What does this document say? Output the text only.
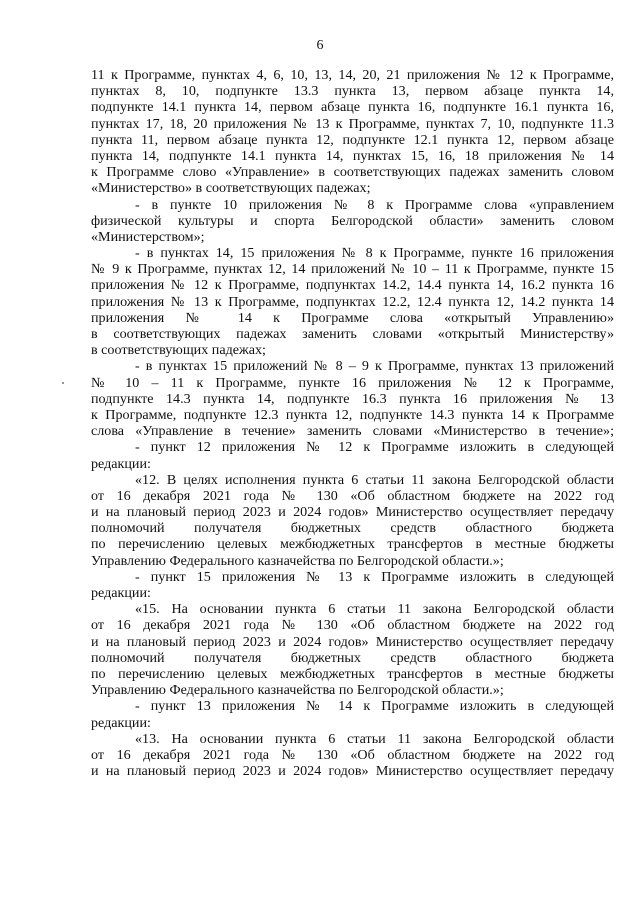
6
11 к Программе, пунктах 4, 6, 10, 13, 14, 20, 21 приложения № 12 к Программе,
пунктах 8, 10, подпункте 13.3 пункта 13, первом абзаце пункта 14,
подпункте 14.1 пункта 14, первом абзаце пункта 16, подпункте 16.1 пункта 16,
пунктах 17, 18, 20 приложения № 13 к Программе, пунктах 7, 10, подпункте 11.3
пункта 11, первом абзаце пункта 12, подпункте 12.1 пункта 12, первом абзаце
пункта 14, подпункте 14.1 пункта 14, пунктах 15, 16, 18 приложения № 14
к Программе слово «Управление» в соответствующих падежах заменить словом
«Министерство» в соответствующих падежах;
- в пункте 10 приложения № 8 к Программе слова «управлением
физической культуры и спорта Белгородской области» заменить словом
«Министерством»;
- в пунктах 14, 15 приложения № 8 к Программе, пункте 16 приложения
№ 9 к Программе, пунктах 12, 14 приложений № 10 – 11 к Программе, пункте 15
приложения № 12 к Программе, подпунктах 14.2, 14.4 пункта 14, 16.2 пункта 16
приложения № 13 к Программе, подпунктах 12.2, 12.4 пункта 12, 14.2 пункта 14
приложения № 14 к Программе слова «открытый Управлению»
в соответствующих падежах заменить словами «открытый Министерству»
в соответствующих падежах;
- в пунктах 15 приложений № 8 – 9 к Программе, пунктах 13 приложений
№ 10 – 11 к Программе, пункте 16 приложения № 12 к Программе,
подпункте 14.3 пункта 14, подпункте 16.3 пункта 16 приложения № 13
к Программе, подпункте 12.3 пункта 12, подпункте 14.3 пункта 14 к Программе
слова «Управление в течение» заменить словами «Министерство в течение»;
- пункт 12 приложения № 12 к Программе изложить в следующей
редакции:
«12. В целях исполнения пункта 6 статьи 11 закона Белгородской области
от 16 декабря 2021 года № 130 «Об областном бюджете на 2022 год
и на плановый период 2023 и 2024 годов» Министерство осуществляет передачу
полномочий получателя бюджетных средств областного бюджета
по перечислению целевых межбюджетных трансфертов в местные бюджеты
Управлению Федерального казначейства по Белгородской области.»;
- пункт 15 приложения № 13 к Программе изложить в следующей
редакции:
«15. На основании пункта 6 статьи 11 закона Белгородской области
от 16 декабря 2021 года № 130 «Об областном бюджете на 2022 год
и на плановый период 2023 и 2024 годов» Министерство осуществляет передачу
полномочий получателя бюджетных средств областного бюджета
по перечислению целевых межбюджетных трансфертов в местные бюджеты
Управлению Федерального казначейства по Белгородской области.»;
- пункт 13 приложения № 14 к Программе изложить в следующей
редакции:
«13. На основании пункта 6 статьи 11 закона Белгородской области
от 16 декабря 2021 года № 130 «Об областном бюджете на 2022 год
и на плановый период 2023 и 2024 годов» Министерство осуществляет передачу
